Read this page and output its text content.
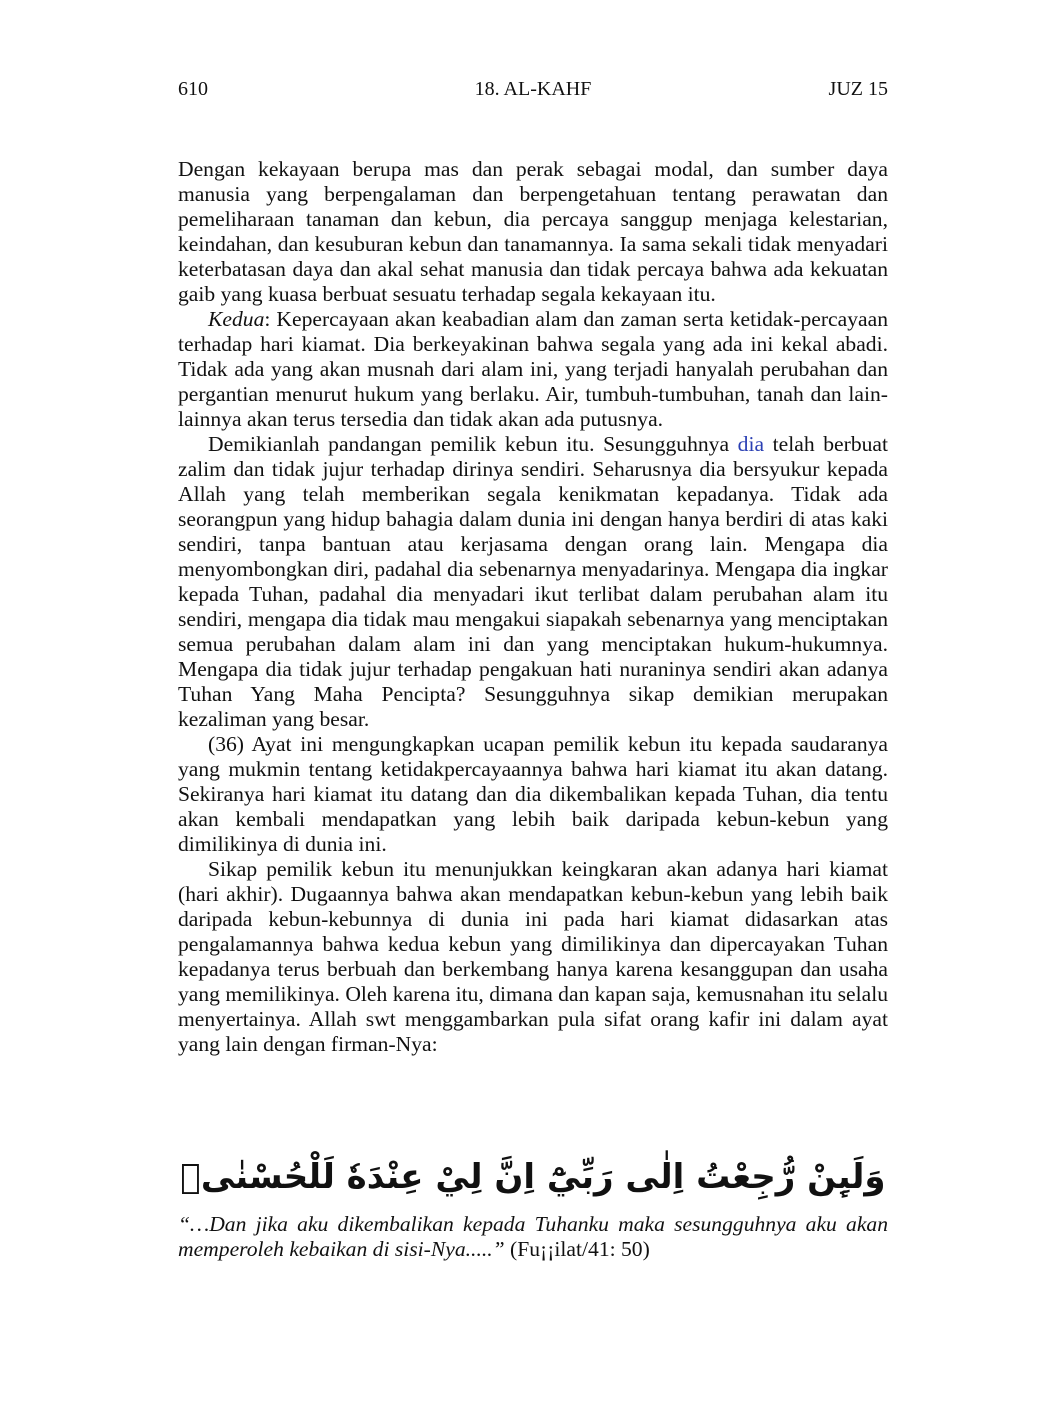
610	18. AL-KAHF	JUZ 15

Dengan kekayaan berupa mas dan perak sebagai modal, dan sumber daya manusia yang berpengalaman dan berpengetahuan tentang perawatan dan pemeliharaan tanaman dan kebun, dia percaya sanggup menjaga kelestarian, keindahan, dan kesuburan kebun dan tanamannya. Ia sama sekali tidak menyadari keterbatasan daya dan akal sehat manusia dan tidak percaya bahwa ada kekuatan gaib yang kuasa berbuat sesuatu terhadap segala kekayaan itu.

Kedua: Kepercayaan akan keabadian alam dan zaman serta ketidak-percayaan terhadap hari kiamat. Dia berkeyakinan bahwa segala yang ada ini kekal abadi. Tidak ada yang akan musnah dari alam ini, yang terjadi hanyalah perubahan dan pergantian menurut hukum yang berlaku. Air, tumbuh-tumbuhan, tanah dan lain-lainnya akan terus tersedia dan tidak akan ada putusnya.

Demikianlah pandangan pemilik kebun itu. Sesungguhnya dia telah berbuat zalim dan tidak jujur terhadap dirinya sendiri. Seharusnya dia bersyukur kepada Allah yang telah memberikan segala kenikmatan kepadanya. Tidak ada seorangpun yang hidup bahagia dalam dunia ini dengan hanya berdiri di atas kaki sendiri, tanpa bantuan atau kerjasama dengan orang lain. Mengapa dia menyombongkan diri, padahal dia sebenarnya menyadarinya. Mengapa dia ingkar kepada Tuhan, padahal dia menyadari ikut terlibat dalam perubahan alam itu sendiri, mengapa dia tidak mau mengakui siapakah sebenarnya yang menciptakan semua perubahan dalam alam ini dan yang menciptakan hukum-hukumnya. Mengapa dia tidak jujur terhadap pengakuan hati nuraninya sendiri akan adanya Tuhan Yang Maha Pencipta? Sesungguhnya sikap demikian merupakan kezaliman yang besar.

(36) Ayat ini mengungkapkan ucapan pemilik kebun itu kepada saudaranya yang mukmin tentang ketidakpercayaannya bahwa hari kiamat itu akan datang. Sekiranya hari kiamat itu datang dan dia dikembalikan kepada Tuhan, dia tentu akan kembali mendapatkan yang lebih baik daripada kebun-kebun yang dimilikinya di dunia ini.

Sikap pemilik kebun itu menunjukkan keingkaran akan adanya hari kiamat (hari akhir). Dugaannya bahwa akan mendapatkan kebun-kebun yang lebih baik daripada kebun-kebunnya di dunia ini pada hari kiamat didasarkan atas pengalamannya bahwa kedua kebun yang dimilikinya dan dipercayakan Tuhan kepadanya terus berbuah dan berkembang hanya karena kesanggupan dan usaha yang memilikinya. Oleh karena itu, dimana dan kapan saja, kemusnahan itu selalu menyertainya. Allah swt menggambarkan pula sifat orang kafir ini dalam ayat yang lain dengan firman-Nya:

وَلَىِٕنْ رُّجِعْتُ اِلٰى رَبِّيْٓ اِنَّ لِيْ عِنْدَهٗ لَلْحُسْنٰىۚ
“…Dan jika aku dikembalikan kepada Tuhanku maka sesungguhnya aku akan memperoleh kebaikan di sisi-Nya.....” (Fu¡¡ilat/41: 50)
